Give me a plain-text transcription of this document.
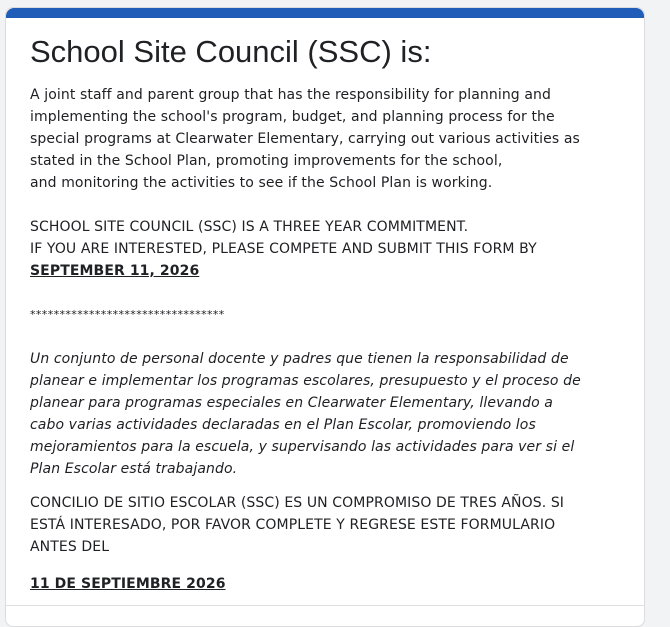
School Site Council (SSC) is:
A joint staff and parent group that has the responsibility for planning and
implementing the school's program, budget, and planning process for the
special programs at Clearwater Elementary, carrying out various activities as
stated in the School Plan, promoting improvements for the school,
and monitoring the activities to see if the School Plan is working.
SCHOOL SITE COUNCIL (SSC) IS A THREE YEAR COMMITMENT.
IF YOU ARE INTERESTED, PLEASE COMPETE AND SUBMIT THIS FORM BY
SEPTEMBER 11, 2026
*********************************
Un conjunto de personal docente y padres que tienen la responsabilidad de
planear e implementar los programas escolares, presupuesto y el proceso de
planear para programas especiales en Clearwater Elementary, llevando a
cabo varias actividades declaradas en el Plan Escolar, promoviendo los
mejoramientos para la escuela, y supervisando las actividades para ver si el
Plan Escolar está trabajando.
CONCILIO DE SITIO ESCOLAR (SSC) ES UN COMPROMISO DE TRES AÑOS. SI
ESTÁ INTERESADO, POR FAVOR COMPLETE Y REGRESE ESTE FORMULARIO
ANTES DEL
11 DE SEPTIEMBRE 2026
